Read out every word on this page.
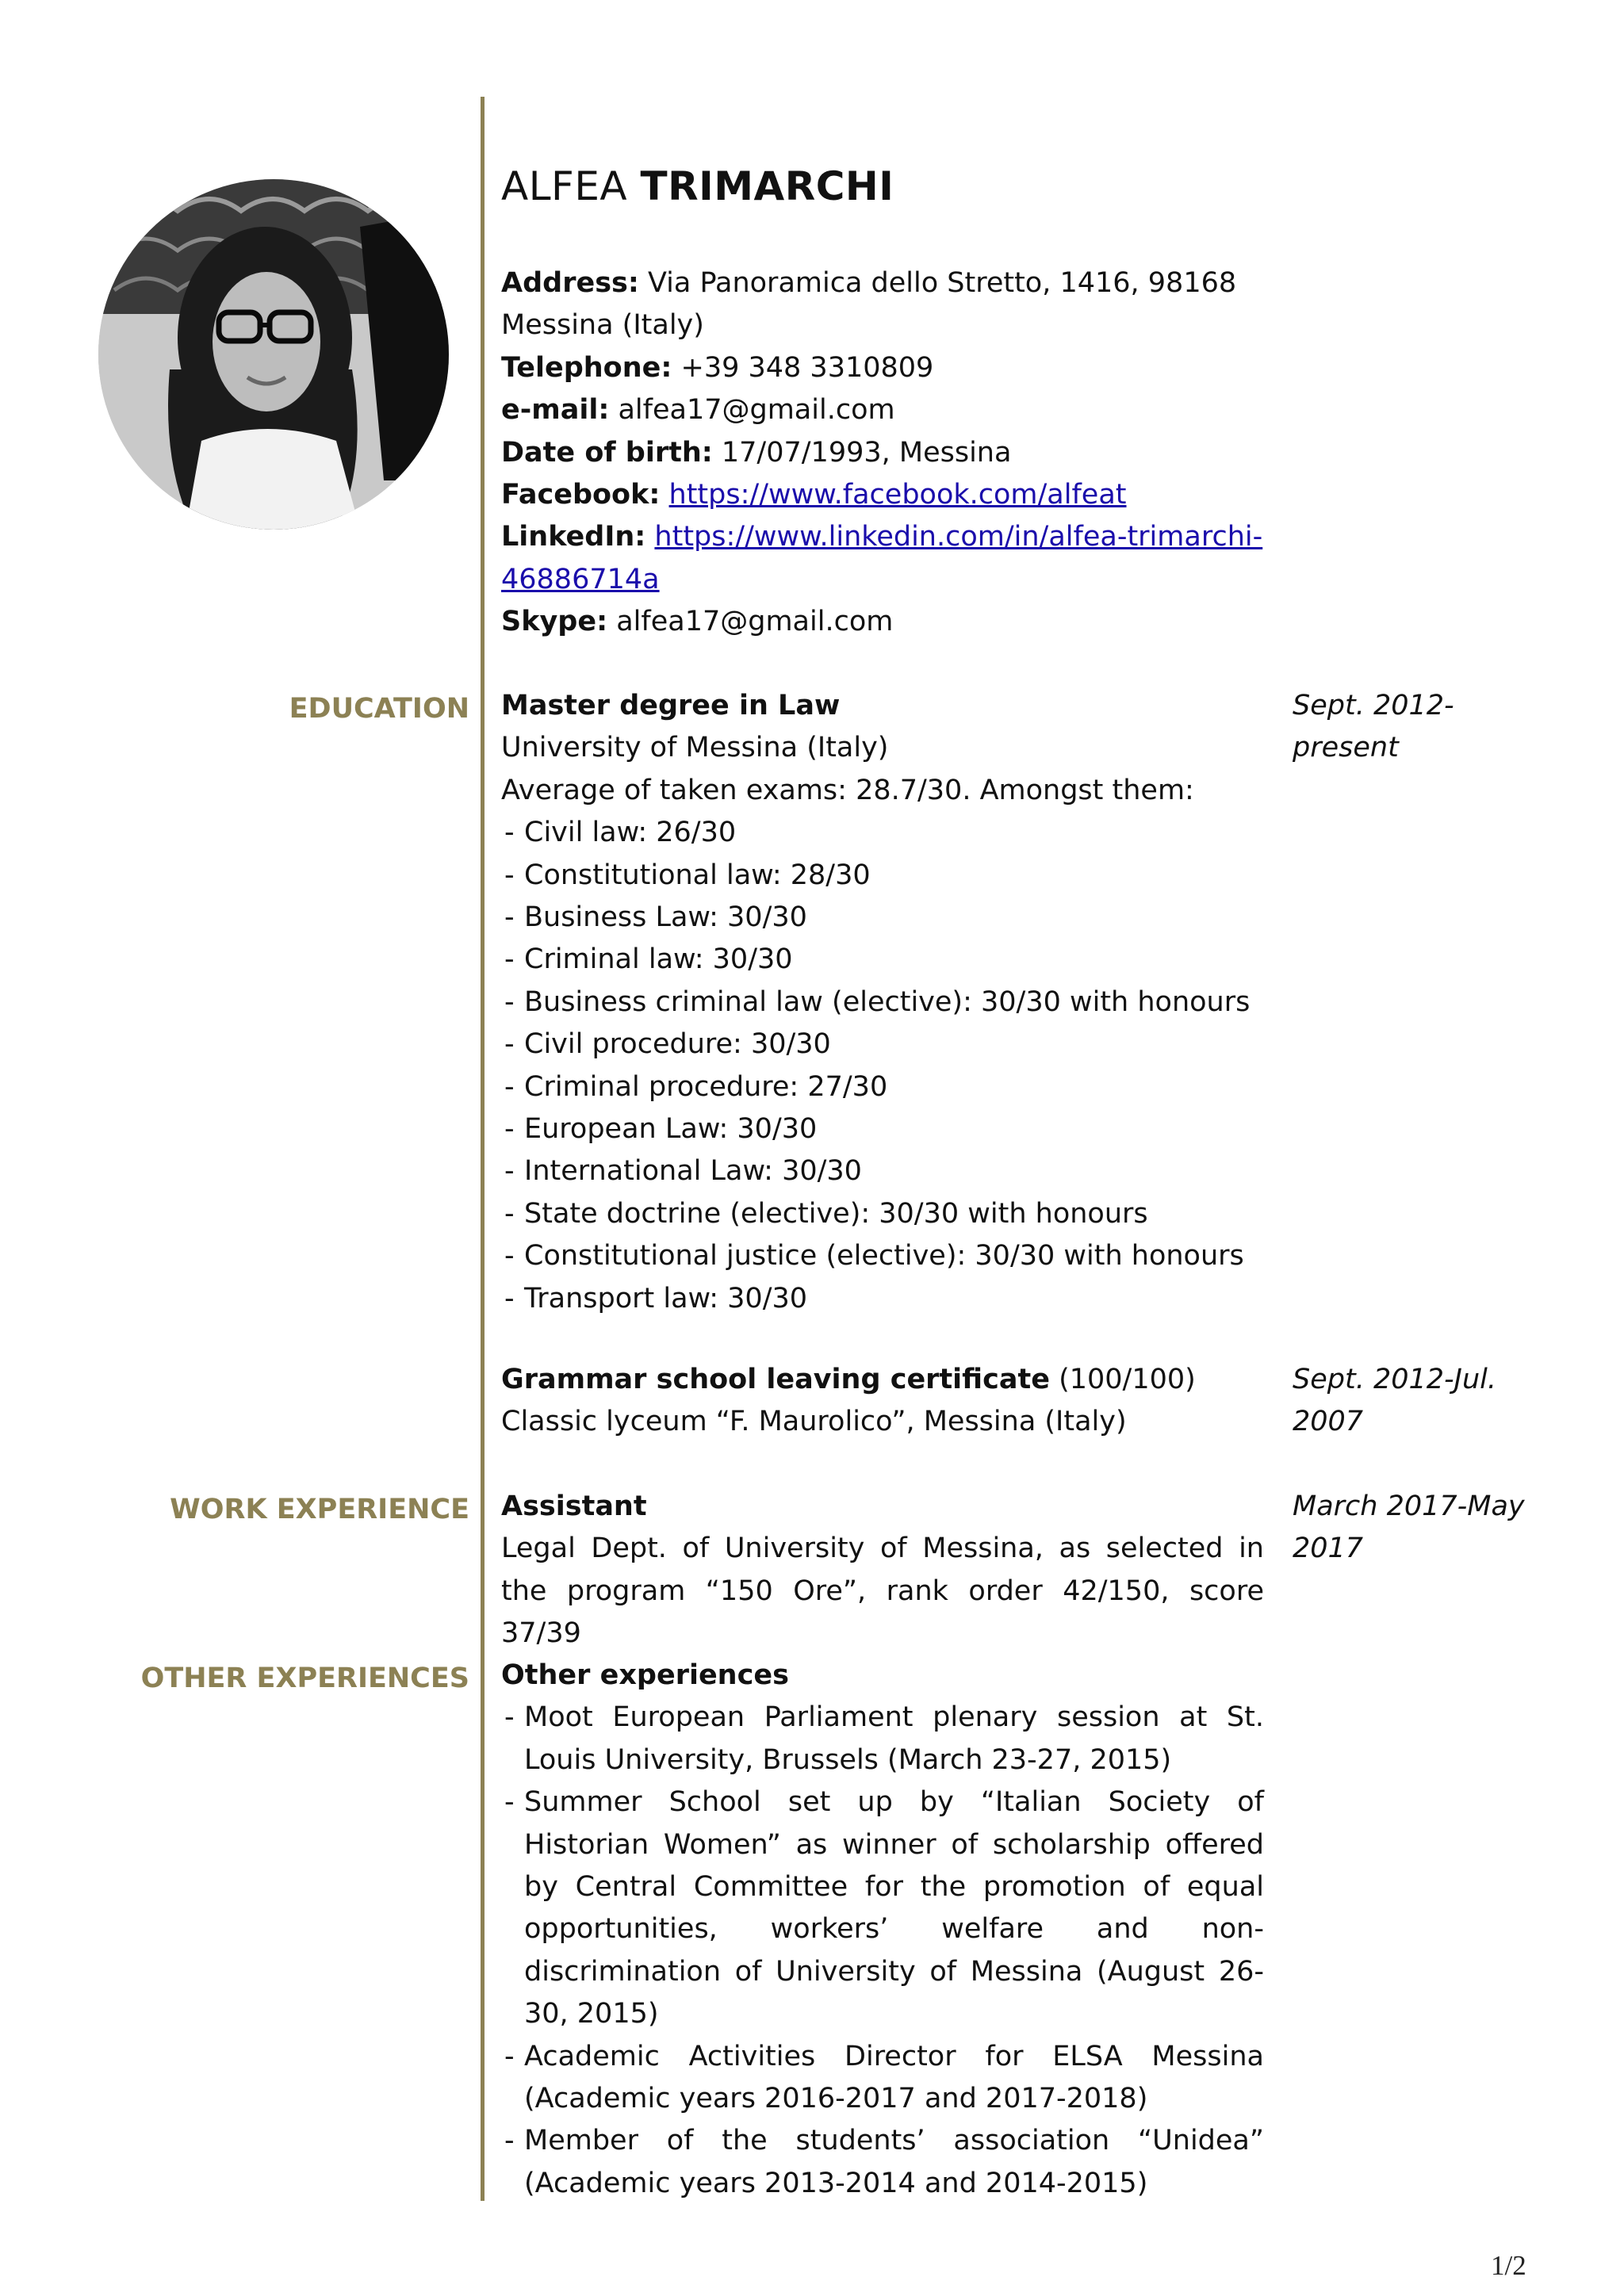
ALFEA TRIMARCHI
Address: Via Panoramica dello Stretto, 1416, 98168 Messina (Italy)
Telephone: +39 348 3310809
e-mail: alfea17@gmail.com
Date of birth: 17/07/1993, Messina
Facebook: https://www.facebook.com/alfeat
LinkedIn: https://www.linkedin.com/in/alfea-trimarchi-
46886714a
Skype: alfea17@gmail.com
EDUCATION Master degree in Law
University of Messina (Italy)
Average of taken exams: 28.7/30. Amongst them:
- Civil law: 26/30
- Constitutional law: 28/30
- Business Law: 30/30
- Criminal law: 30/30
- Business criminal law (elective): 30/30 with honours
- Civil procedure: 30/30
- Criminal procedure: 27/30
- European Law: 30/30
- International Law: 30/30
- State doctrine (elective): 30/30 with honours
- Constitutional justice (elective): 30/30 with honours
- Transport law: 30/30
Sept. 2012-present
Grammar school leaving certificate (100/100)
Classic lyceum “F. Maurolico”, Messina (Italy)
Sept. 2012-Jul.
2007
WORK EXPERIENCE Assistant
Legal Dept. of University of Messina, as selected in the program “150 Ore”, rank order 42/150, score 37/39
March 2017-May
2017
OTHER EXPERIENCES Other experiences
- Moot European Parliament plenary session at St. Louis University, Brussels (March 23-27, 2015)
- Summer School set up by “Italian Society of Historian Women” as winner of scholarship offered by Central Committee for the promotion of equal opportunities, workers’ welfare and non-discrimination of University of Messina (August 26-30, 2015)
- Academic Activities Director for ELSA Messina (Academic years 2016-2017 and 2017-2018)
- Member of the students’ association “Unidea” (Academic years 2013-2014 and 2014-2015)
1/2
